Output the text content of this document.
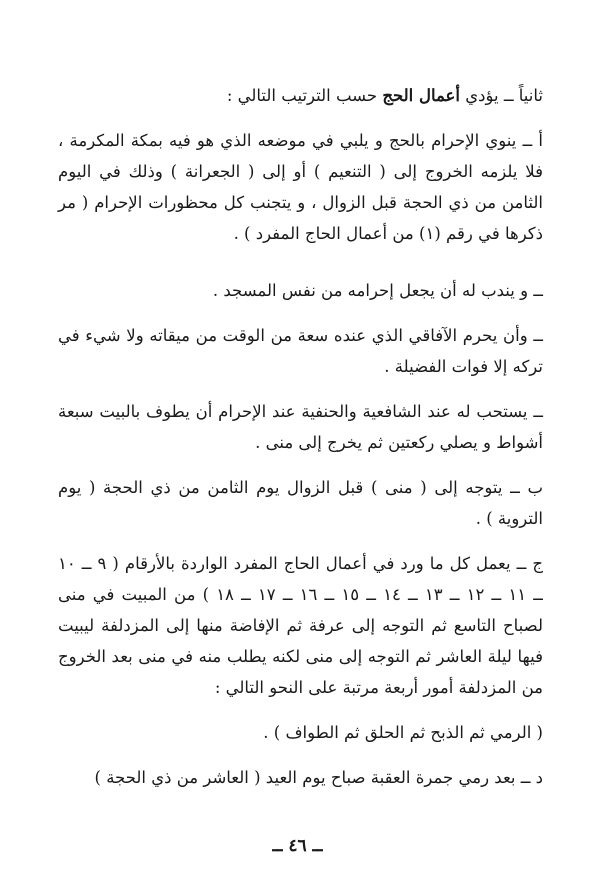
ثانياً ــ يؤدي أعمال الحج حسب الترتيب التالي :

أ ــ ينوي الإحرام بالحج و يلبي في موضعه الذي هو فيه بمكة المكرمة ، فلا يلزمه الخروج إلى ( التنعيم ) أو إلى ( الجعرانة ) وذلك في اليوم الثامن من ذي الحجة قبل الزوال ، و يتجنب كل محظورات الإحرام ( مر ذكرها في رقم (١) من أعمال الحاج المفرد ) .

ــ و يندب له أن يجعل إحرامه من نفس المسجد .

ــ وأن يحرم الآفاقي الذي عنده سعة من الوقت من ميقاته ولا شيء في تركه إلا فوات الفضيلة .

ــ يستحب له عند الشافعية والحنفية عند الإحرام أن يطوف بالبيت سبعة أشواط و يصلي ركعتين ثم يخرج إلى منى .

ب ــ يتوجه إلى ( منى ) قبل الزوال يوم الثامن من ذي الحجة ( يوم التروية ) .

ج ــ يعمل كل ما ورد في أعمال الحاج المفرد الواردة بالأرقام ( ٩ ــ ١٠ ــ ١١ ــ ١٢ ــ ١٣ ــ ١٤ ــ ١٥ ــ ١٦ ــ ١٧ ــ ١٨ ) من المبيت في منى لصباح التاسع ثم التوجه إلى عرفة ثم الإفاضة منها إلى المزدلفة ليبيت فيها ليلة العاشر ثم التوجه إلى منى لكنه يطلب منه في منى بعد الخروج من المزدلفة أمور أربعة مرتبة على النحو التالي :

( الرمي ثم الذبح ثم الحلق ثم الطواف ) .

د ــ بعد رمي جمرة العقبة صباح يوم العيد ( العاشر من ذي الحجة )

ــ ٤٦ ــ
